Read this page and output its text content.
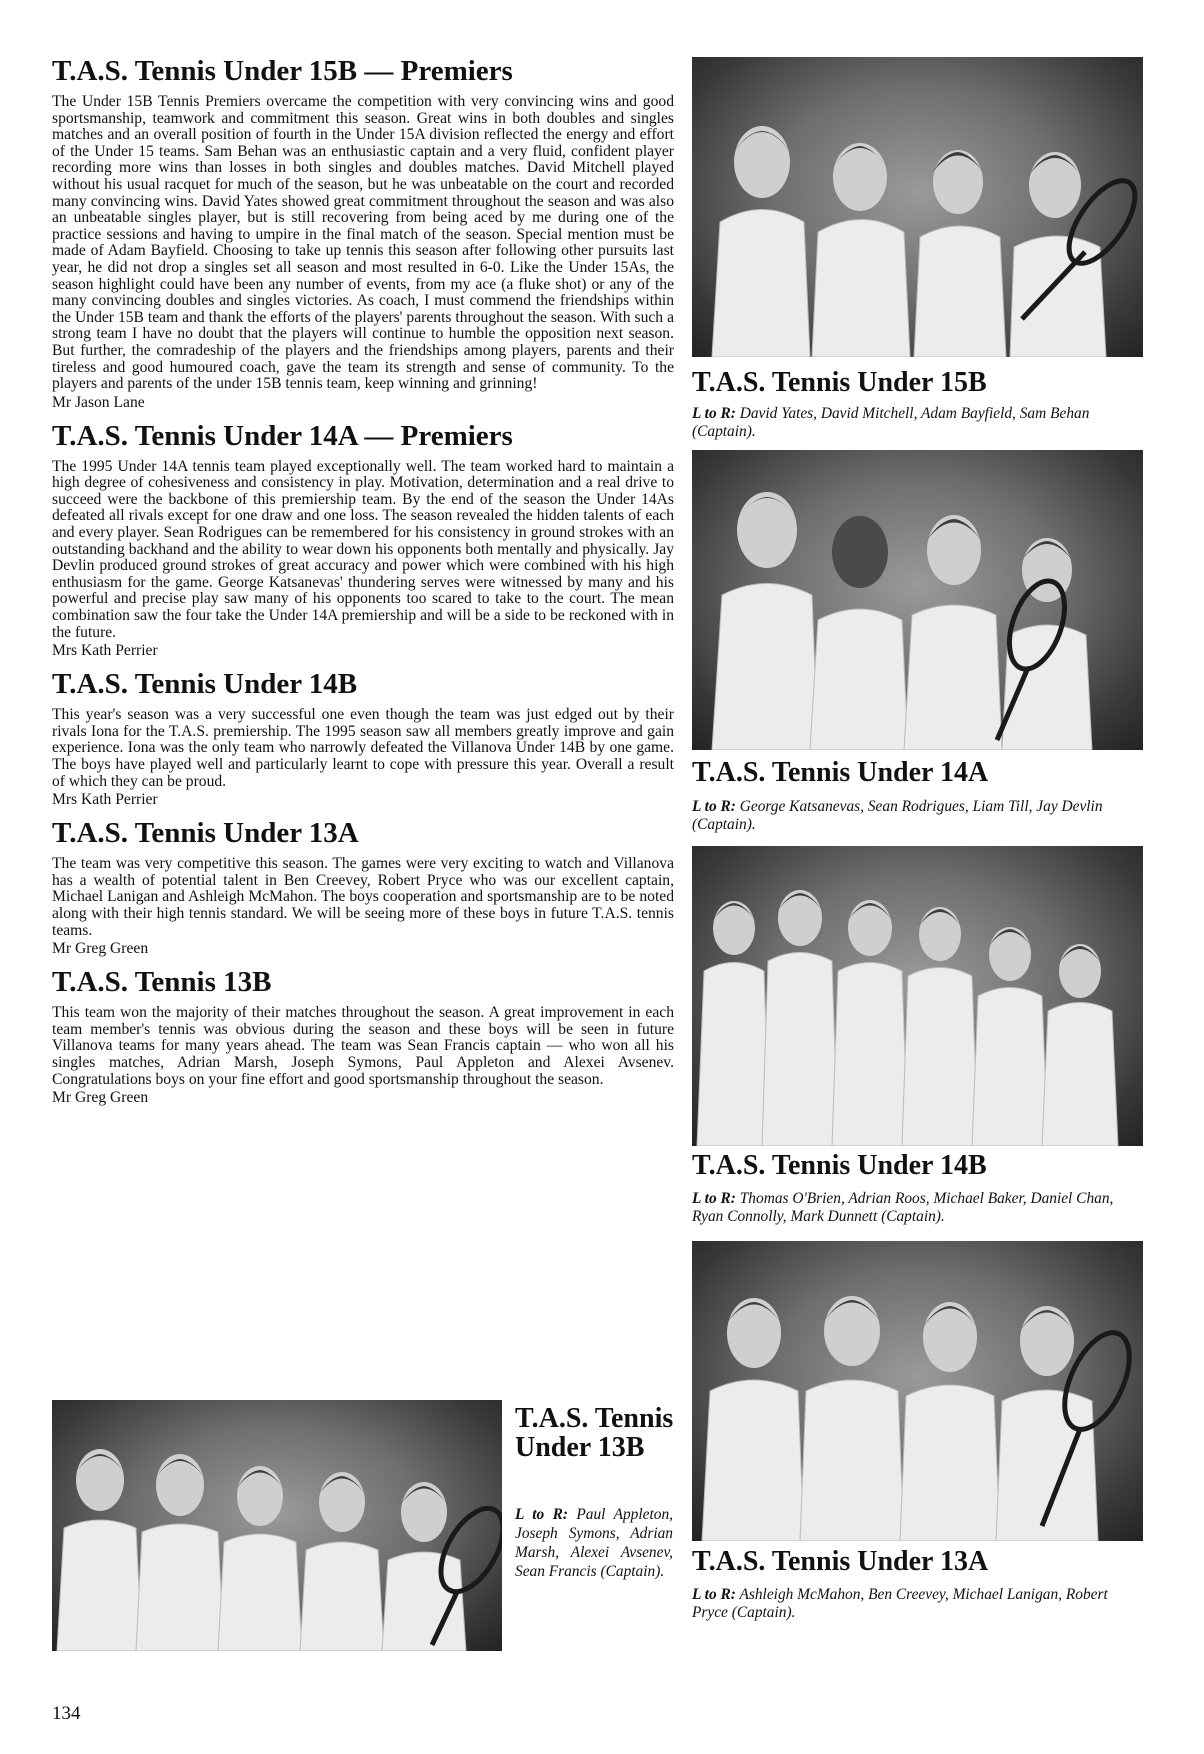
T.A.S. Tennis Under 15B — Premiers

The Under 15B Tennis Premiers overcame the competition with very convincing wins and good sportsmanship, teamwork and commitment this season. Great wins in both doubles and singles matches and an overall position of fourth in the Under 15A division reflected the energy and effort of the Under 15 teams. Sam Behan was an enthusiastic captain and a very fluid, confident player recording more wins than losses in both singles and doubles matches. David Mitchell played without his usual racquet for much of the season, but he was unbeatable on the court and recorded many convincing wins. David Yates showed great commitment throughout the season and was also an unbeatable singles player, but is still recovering from being aced by me during one of the practice sessions and having to umpire in the final match of the season. Special mention must be made of Adam Bayfield. Choosing to take up tennis this season after following other pursuits last year, he did not drop a singles set all season and most resulted in 6-0. Like the Under 15As, the season highlight could have been any number of events, from my ace (a fluke shot) or any of the many convincing doubles and singles victories. As coach, I must commend the friendships within the Under 15B team and thank the efforts of the players' parents throughout the season. With such a strong team I have no doubt that the players will continue to humble the opposition next season. But further, the comradeship of the players and the friendships among players, parents and their tireless and good humoured coach, gave the team its strength and sense of community. To the players and parents of the under 15B tennis team, keep winning and grinning!

Mr Jason Lane
T.A.S. Tennis Under 14A — Premiers

The 1995 Under 14A tennis team played exceptionally well. The team worked hard to maintain a high degree of cohesiveness and consistency in play. Motivation, determination and a real drive to succeed were the backbone of this premiership team. By the end of the season the Under 14As defeated all rivals except for one draw and one loss. The season revealed the hidden talents of each and every player. Sean Rodrigues can be remembered for his consistency in ground strokes with an outstanding backhand and the ability to wear down his opponents both mentally and physically. Jay Devlin produced ground strokes of great accuracy and power which were combined with his high enthusiasm for the game. George Katsanevas' thundering serves were witnessed by many and his powerful and precise play saw many of his opponents too scared to take to the court. The mean combination saw the four take the Under 14A premiership and will be a side to be reckoned with in the future.

Mrs Kath Perrier
T.A.S. Tennis Under 14B

This year's season was a very successful one even though the team was just edged out by their rivals Iona for the T.A.S. premiership. The 1995 season saw all members greatly improve and gain experience. Iona was the only team who narrowly defeated the Villanova Under 14B by one game. The boys have played well and particularly learnt to cope with pressure this year. Overall a result of which they can be proud.

Mrs Kath Perrier
T.A.S. Tennis Under 13A

The team was very competitive this season. The games were very exciting to watch and Villanova has a wealth of potential talent in Ben Creevey, Robert Pryce who was our excellent captain, Michael Lanigan and Ashleigh McMahon. The boys cooperation and sportsmanship are to be noted along with their high tennis standard. We will be seeing more of these boys in future T.A.S. tennis teams.

Mr Greg Green
T.A.S. Tennis 13B

This team won the majority of their matches throughout the season. A great improvement in each team member's tennis was obvious during the season and these boys will be seen in future Villanova teams for many years ahead. The team was Sean Francis captain — who won all his singles matches, Adrian Marsh, Joseph Symons, Paul Appleton and Alexei Avsenev. Congratulations boys on your fine effort and good sportsmanship throughout the season.

Mr Greg Green
T.A.S. Tennis Under 15B
L to R: David Yates, David Mitchell, Adam Bayfield, Sam Behan (Captain).
T.A.S. Tennis Under 14A
L to R: George Katsanevas, Sean Rodrigues, Liam Till, Jay Devlin (Captain).
T.A.S. Tennis Under 14B
L to R: Thomas O'Brien, Adrian Roos, Michael Baker, Daniel Chan, Ryan Connolly, Mark Dunnett (Captain).
T.A.S. Tennis Under 13A
L to R: Ashleigh McMahon, Ben Creevey, Michael Lanigan, Robert Pryce (Captain).
T.A.S. Tennis Under 13B
L to R: Paul Appleton, Joseph Symons, Adrian Marsh, Alexei Avsenev, Sean Francis (Captain).
134
